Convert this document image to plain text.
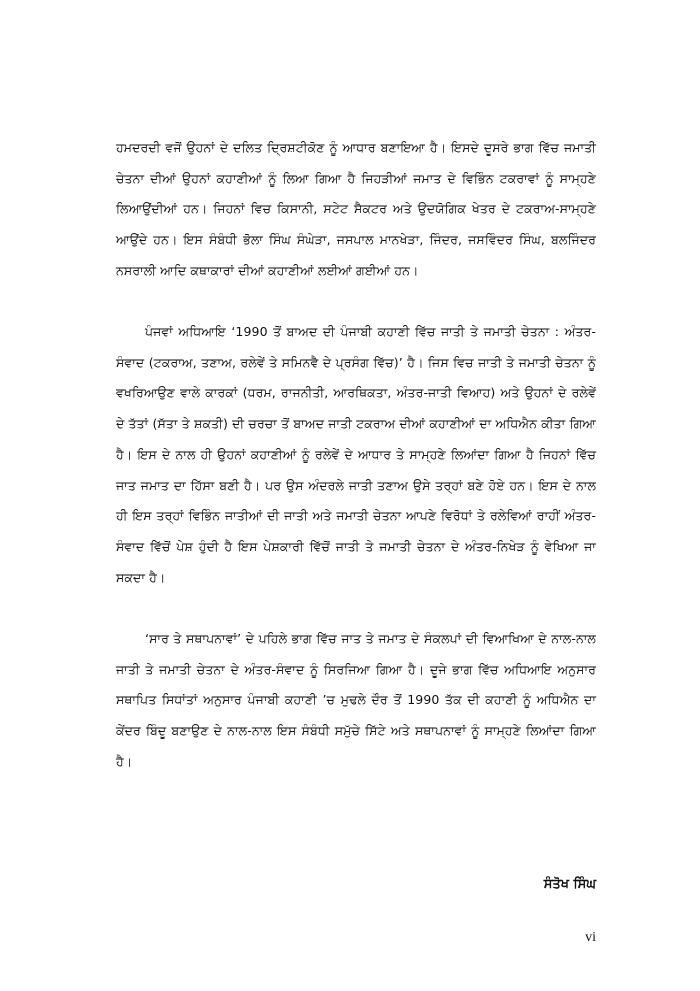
ਹਮਦਰਦੀ ਵਜੋਂ ਉਹਨਾਂ ਦੇ ਦਲਿਤ ਦ੍ਰਿਸ਼ਟੀਕੋਣ ਨੂੰ ਆਧਾਰ ਬਣਾਇਆ ਹੈ। ਇਸਦੇ ਦੂਸਰੇ ਭਾਗ ਵਿੱਚ ਜਮਾਤੀ ਚੇਤਨਾ ਦੀਆਂ ਉਹਨਾਂ ਕਹਾਣੀਆਂ ਨੂੰ ਲਿਆ ਗਿਆ ਹੈ ਜਿਹੜੀਆਂ ਜਮਾਤ ਦੇ ਵਿਭਿੰਨ ਟਕਰਾਵਾਂ ਨੂੰ ਸਾਮ੍ਹਣੇ ਲਿਆਉਂਦੀਆਂ ਹਨ। ਜਿਹਨਾਂ ਵਿਚ ਕਿਸਾਨੀ, ਸਟੇਟ ਸੈਕਟਰ ਅਤੇ ਉਦਯੋਗਿਕ ਖੇਤਰ ਦੇ ਟਕਰਾਅ-ਸਾਮ੍ਹਣੇ ਆਉਂਦੇ ਹਨ। ਇਸ ਸੰਬੰਧੀ ਭੋਲਾ ਸਿੰਘ ਸੰਘੇੜਾ, ਜਸਪਾਲ ਮਾਨਖੇੜਾ, ਜਿੰਦਰ, ਜਸਵਿੰਦਰ ਸਿੰਘ, ਬਲਜਿੰਦਰ ਨਸਰਾਲੀ ਆਦਿ ਕਥਾਕਾਰਾਂ ਦੀਆਂ ਕਹਾਣੀਆਂ ਲਈਆਂ ਗਈਆਂ ਹਨ।

ਪੰਜਵਾਂ ਅਧਿਆਇ ‘1990 ਤੋਂ ਬਾਅਦ ਦੀ ਪੰਜਾਬੀ ਕਹਾਣੀ ਵਿੱਚ ਜਾਤੀ ਤੇ ਜਮਾਤੀ ਚੇਤਨਾ : ਅੰਤਰ-ਸੰਵਾਦ (ਟਕਰਾਅ, ਤਣਾਅ, ਰਲੇਵੇਂ ਤੇ ਸਮਿਨਵੈ ਦੇ ਪ੍ਰਸੰਗ ਵਿੱਚ)’ ਹੈ। ਜਿਸ ਵਿਚ ਜਾਤੀ ਤੇ ਜਮਾਤੀ ਚੇਤਨਾ ਨੂੰ ਵਖਰਿਆਉਣ ਵਾਲੇ ਕਾਰਕਾਂ (ਧਰਮ, ਰਾਜਨੀਤੀ, ਆਰਥਿਕਤਾ, ਅੰਤਰ-ਜਾਤੀ ਵਿਆਹ) ਅਤੇ ਉਹਨਾਂ ਦੇ ਰਲੇਵੇਂ ਦੇ ਤੱਤਾਂ (ਸੱਤਾ ਤੇ ਸ਼ਕਤੀ) ਦੀ ਚਰਚਾ ਤੋਂ ਬਾਅਦ ਜਾਤੀ ਟਕਰਾਅ ਦੀਆਂ ਕਹਾਣੀਆਂ ਦਾ ਅਧਿਐਨ ਕੀਤਾ ਗਿਆ ਹੈ। ਇਸ ਦੇ ਨਾਲ ਹੀ ਉਹਨਾਂ ਕਹਾਣੀਆਂ ਨੂੰ ਰਲੇਵੇਂ ਦੇ ਆਧਾਰ ਤੇ ਸਾਮ੍ਹਣੇ ਲਿਆਂਦਾ ਗਿਆ ਹੈ ਜਿਹਨਾਂ ਵਿੱਚ ਜਾਤ ਜਮਾਤ ਦਾ ਹਿੱਸਾ ਬਣੀ ਹੈ। ਪਰ ਉਸ ਅੰਦਰਲੇ ਜਾਤੀ ਤਣਾਅ ਉਸੇ ਤਰ੍ਹਾਂ ਬਣੇ ਹੋਏ ਹਨ। ਇਸ ਦੇ ਨਾਲ ਹੀ ਇਸ ਤਰ੍ਹਾਂ ਵਿਭਿੰਨ ਜਾਤੀਆਂ ਦੀ ਜਾਤੀ ਅਤੇ ਜਮਾਤੀ ਚੇਤਨਾ ਆਪਣੇ ਵਿਰੋਧਾਂ ਤੇ ਰਲੇਵਿਆਂ ਰਾਹੀਂ ਅੰਤਰ-ਸੰਵਾਦ ਵਿੱਚੋਂ ਪੇਸ਼ ਹੁੰਦੀ ਹੈ ਇਸ ਪੇਸ਼ਕਾਰੀ ਵਿੱਚੋਂ ਜਾਤੀ ਤੇ ਜਮਾਤੀ ਚੇਤਨਾ ਦੇ ਅੰਤਰ-ਨਿਖੇੜ ਨੂੰ ਵੇਖਿਆ ਜਾ ਸਕਦਾ ਹੈ।

‘ਸਾਰ ਤੇ ਸਥਾਪਨਾਵਾਂ’ ਦੇ ਪਹਿਲੇ ਭਾਗ ਵਿੱਚ ਜਾਤ ਤੇ ਜਮਾਤ ਦੇ ਸੰਕਲਪਾਂ ਦੀ ਵਿਆਖਿਆ ਦੇ ਨਾਲ-ਨਾਲ ਜਾਤੀ ਤੇ ਜਮਾਤੀ ਚੇਤਨਾ ਦੇ ਅੰਤਰ-ਸੰਵਾਦ ਨੂੰ ਸਿਰਜਿਆ ਗਿਆ ਹੈ। ਦੂਜੇ ਭਾਗ ਵਿੱਚ ਅਧਿਆਇ ਅਨੁਸਾਰ ਸਥਾਪਿਤ ਸਿਧਾਂਤਾਂ ਅਨੁਸਾਰ ਪੰਜਾਬੀ ਕਹਾਣੀ ’ਚ ਮੁਢਲੇ ਦੌਰ ਤੋਂ 1990 ਤੱਕ ਦੀ ਕਹਾਣੀ ਨੂੰ ਅਧਿਐਨ ਦਾ ਕੇਂਦਰ ਬਿੰਦੂ ਬਣਾਉਣ ਦੇ ਨਾਲ-ਨਾਲ ਇਸ ਸੰਬੰਧੀ ਸਮੁੱਚੇ ਸਿੱਟੇ ਅਤੇ ਸਥਾਪਨਾਵਾਂ ਨੂੰ ਸਾਮ੍ਹਣੇ ਲਿਆਂਦਾ ਗਿਆ ਹੈ।

ਸੰਤੋਖ ਸਿੰਘ
vi
